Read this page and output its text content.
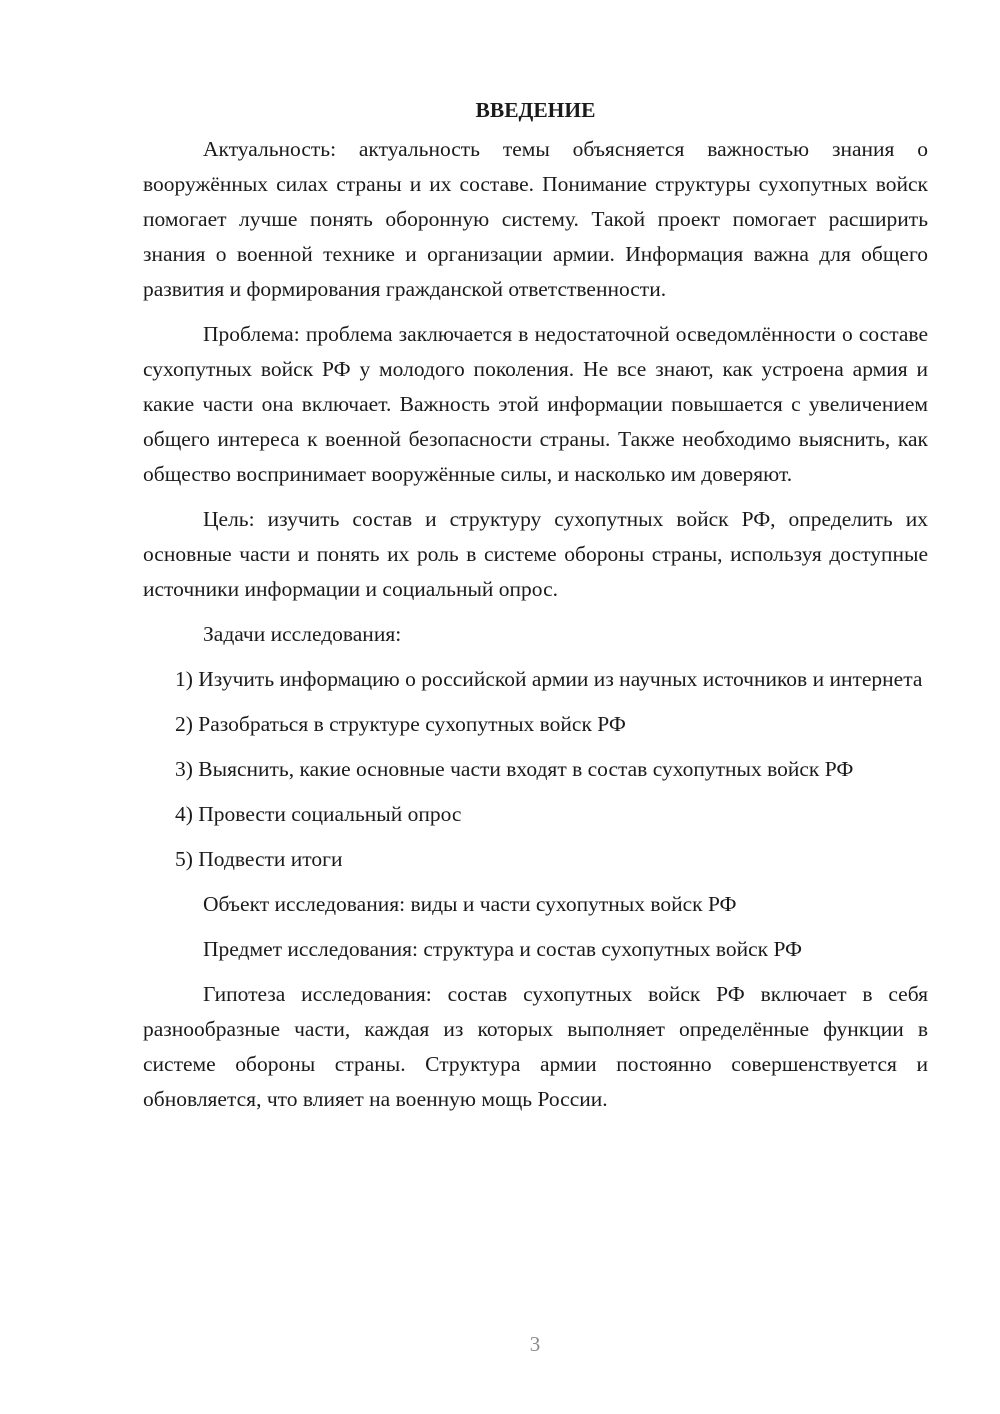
ВВЕДЕНИЕ

Актуальность: актуальность темы объясняется важностью знания о вооружённых силах страны и их составе. Понимание структуры сухопутных войск помогает лучше понять оборонную систему. Такой проект помогает расширить знания о военной технике и организации армии. Информация важна для общего развития и формирования гражданской ответственности.

Проблема: проблема заключается в недостаточной осведомлённости о составе сухопутных войск РФ у молодого поколения. Не все знают, как устроена армия и какие части она включает. Важность этой информации повышается с увеличением общего интереса к военной безопасности страны. Также необходимо выяснить, как общество воспринимает вооружённые силы, и насколько им доверяют.

Цель: изучить состав и структуру сухопутных войск РФ, определить их основные части и понять их роль в системе обороны страны, используя доступные источники информации и социальный опрос.

Задачи исследования:

1) Изучить информацию о российской армии из научных источников и интернета

2) Разобраться в структуре сухопутных войск РФ

3) Выяснить, какие основные части входят в состав сухопутных войск РФ

4) Провести социальный опрос

5) Подвести итоги

Объект исследования: виды и части сухопутных войск РФ

Предмет исследования: структура и состав сухопутных войск РФ

Гипотеза исследования: состав сухопутных войск РФ включает в себя разнообразные части, каждая из которых выполняет определённые функции в системе обороны страны. Структура армии постоянно совершенствуется и обновляется, что влияет на военную мощь России.

3
